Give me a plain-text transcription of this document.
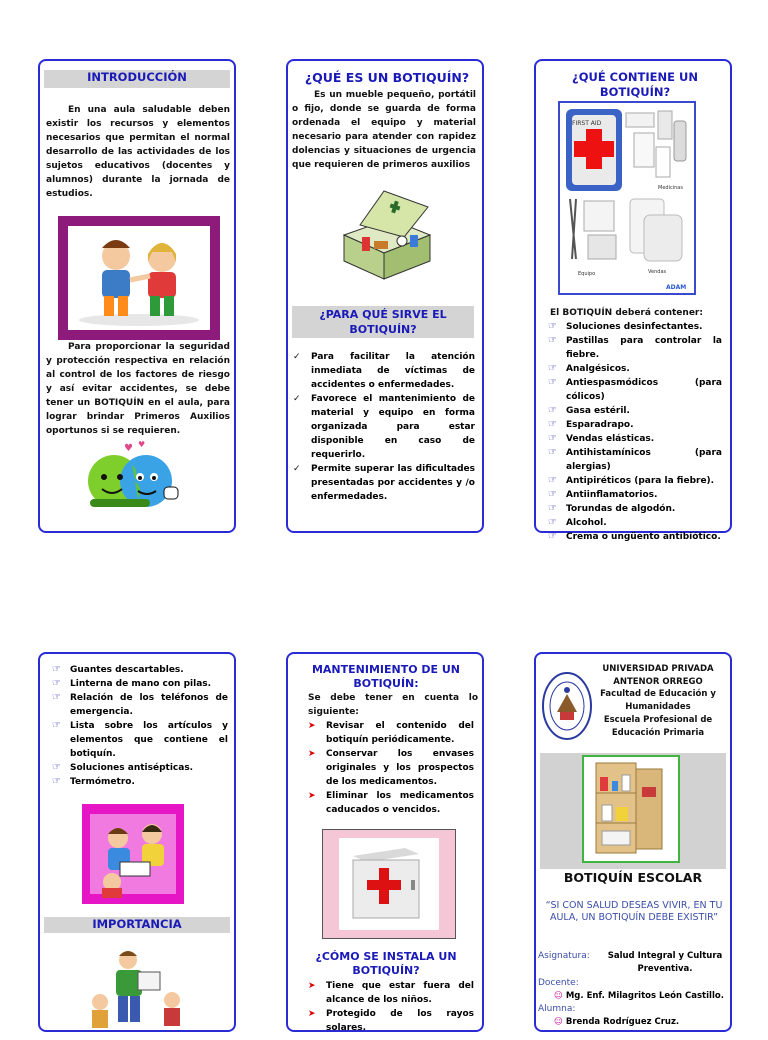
INTRODUCCIÓN

En una aula saludable deben existir los recursos y elementos necesarios que permitan el normal desarrollo de las actividades de los sujetos educativos (docentes y alumnos) durante la jornada de estudios.

Para proporcionar la seguridad y protección respectiva en relación al control de los factores de riesgo y así evitar accidentes, se debe tener un BOTIQUÍN en el aula, para lograr brindar Primeros Auxilios oportunos si se requieren.

♥ ♥
¿QUÉ ES UN BOTIQUÍN?

Es un mueble pequeño, portátil o fijo, donde se guarda de forma ordenada el equipo y material necesario para atender con rapidez dolencias y situaciones de urgencia que requieren de primeros auxilios

¿PARA QUÉ SIRVE EL BOTIQUÍN?
✓	Para facilitar la atención inmediata de víctimas de accidentes o enfermedades.
✓	Favorece el mantenimiento de material y equipo en forma organizada para estar disponible en caso de requerirlo.
✓	Permite superar las dificultades presentadas por accidentes y /o enfermedades.
¿QUÉ CONTIENE UN BOTIQUÍN?
FIRST AID
Medicinas
Equipo	Vendas
ADAM
El BOTIQUÍN deberá contener:
☞	Soluciones desinfectantes.
☞	Pastillas para controlar la fiebre.
☞	Analgésicos.
☞	Antiespasmódicos (para cólicos)
☞	Gasa estéril.
☞	Esparadrapo.
☞	Vendas elásticas.
☞	Antihistamínicos (para alergias)
☞	Antipiréticos (para la fiebre).
☞	Antiinflamatorios.
☞	Torundas de algodón.
☞	Alcohol.
☞	Crema o ungüento antibiótico.
☞	Guantes descartables.
☞	Linterna de mano con pilas.
☞	Relación de los teléfonos de emergencia.
☞	Lista sobre los artículos y elementos que contiene el botiquín.
☞	Soluciones antisépticas.
☞	Termómetro.
IMPORTANCIA
MANTENIMIENTO DE UN BOTIQUÍN:
Se debe tener en cuenta lo siguiente:
➤	Revisar el contenido del botiquín periódicamente.
➤	Conservar los envases originales y los prospectos de los medicamentos.
➤	Eliminar los medicamentos caducados o vencidos.
¿CÓMO SE INSTALA UN BOTIQUÍN?
➤	Tiene que estar fuera del alcance de los niños.
➤	Protegido de los rayos solares.
UNIVERSIDAD PRIVADA ANTENOR ORREGO
Facultad de Educación y Humanidades
Escuela Profesional de Educación Primaria
BOTIQUÍN ESCOLAR
“SI CON SALUD DESEAS VIVIR, EN TU AULA, UN BOTIQUÍN DEBE EXISTIR”
Asignatura:	Salud Integral y Cultura Preventiva.
Docente:
☺ Mg. Enf. Milagritos León Castillo.
Alumna:
☺ Brenda Rodríguez Cruz.
